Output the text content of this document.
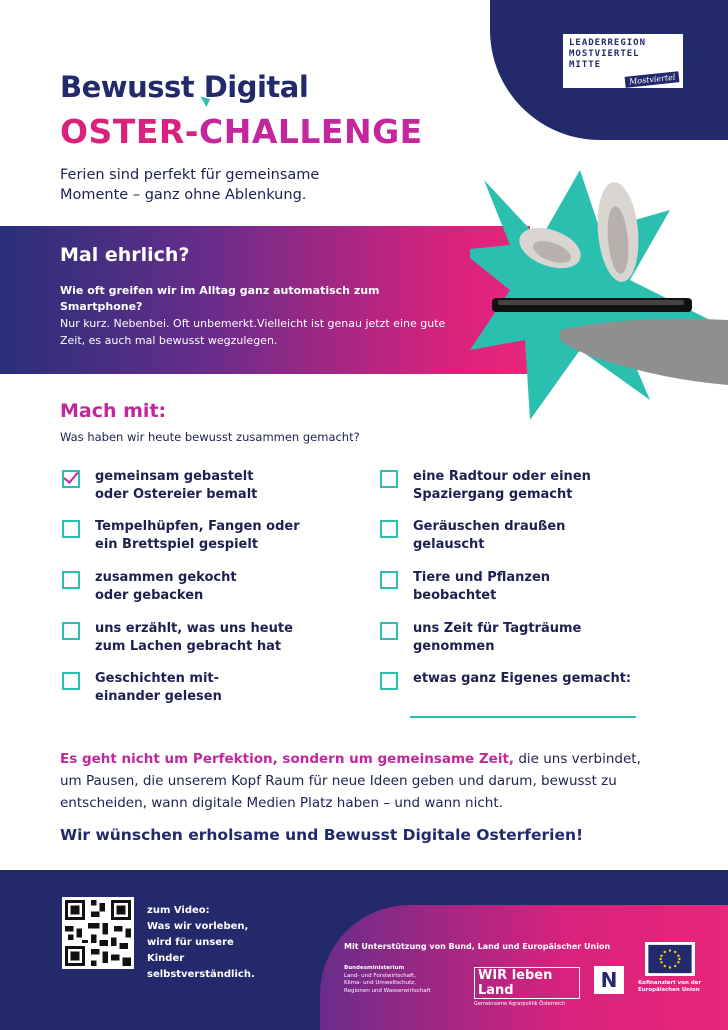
LEADERREGION
MOSTVIERTEL
MITTE
Mostviertel
Bewusst Digital
OSTER-CHALLENGE
Ferien sind perfekt für gemeinsame Momente – ganz ohne Ablenkung.
Mal ehrlich?
Wie oft greifen wir im Alltag ganz automatisch zum Smartphone?
Nur kurz. Nebenbei. Oft unbemerkt.Vielleicht ist genau jetzt eine gute Zeit, es auch mal bewusst wegzulegen.
Mach mit:
Was haben wir heute bewusst zusammen gemacht?
gemeinsam gebastelt
oder Ostereier bemalt
Tempelhüpfen, Fangen oder
ein Brettspiel gespielt
zusammen gekocht
oder gebacken
uns erzählt, was uns heute
zum Lachen gebracht hat
Geschichten mit-
einander gelesen
eine Radtour oder einen
Spaziergang gemacht
Geräuschen draußen
gelauscht
Tiere und Pflanzen
beobachtet
uns Zeit für Tagträume
genommen
etwas ganz Eigenes gemacht:
Es geht nicht um Perfektion, sondern um gemeinsame Zeit, die uns verbindet, um Pausen, die unserem Kopf Raum für neue Ideen geben und darum, bewusst zu entscheiden, wann digitale Medien Platz haben – und wann nicht.
Wir wünschen erholsame und Bewusst Digitale Osterferien!
zum Video:
Was wir vorleben,
wird für unsere Kinder
selbstverständlich.
Mit Unterstützung von Bund, Land und Europäischer Union
Bundesministerium
Land- und Forstwirtschaft,
Klima- und Umweltschutz,
Regionen und Wasserwirtschaft
WIR leben Land
Gemeinsame Agrarpolitik Österreich
N	Kofinanziert von der Europäischen Union
